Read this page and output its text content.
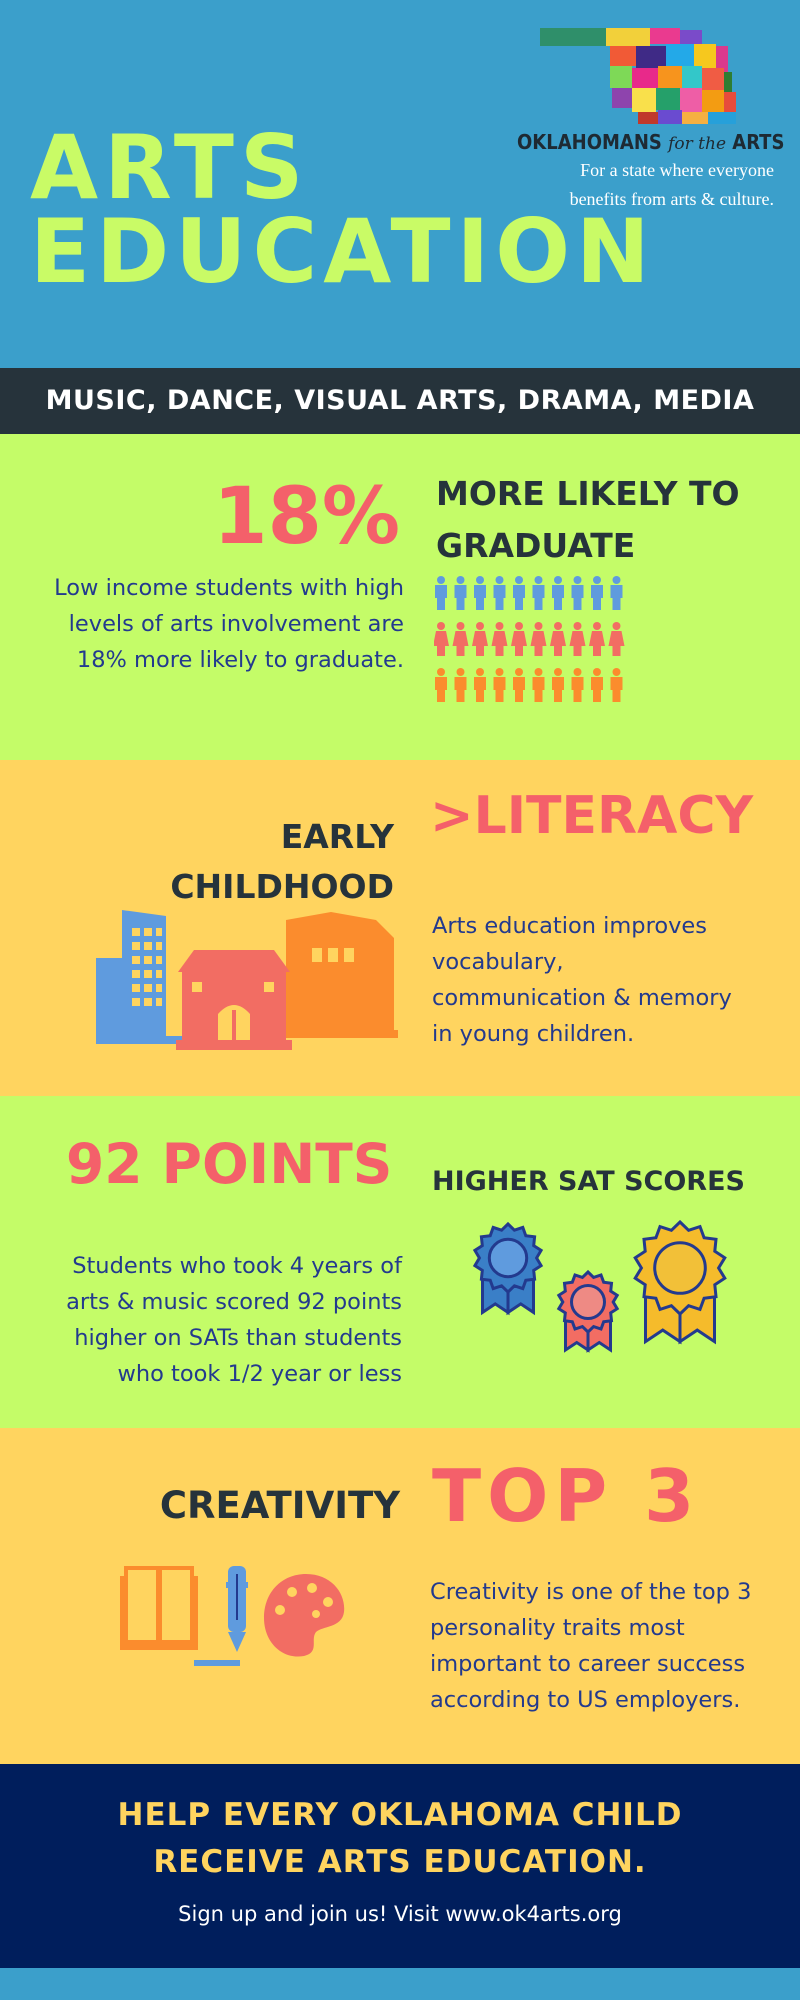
OKLAHOMANS for the ARTS
For a state where everyone
benefits from arts & culture.
ARTS
EDUCATION
MUSIC, DANCE, VISUAL ARTS, DRAMA, MEDIA
18% MORE LIKELY TO
GRADUATE
Low income students with high
levels of arts involvement are
18% more likely to graduate.
EARLY
CHILDHOOD
>LITERACY
Arts education improves
vocabulary,
communication & memory
in young children.
92 POINTS HIGHER SAT SCORES
Students who took 4 years of
arts & music scored 92 points
higher on SATs than students
who took 1/2 year or less
CREATIVITY TOP 3
Creativity is one of the top 3
personality traits most
important to career success
according to US employers.
HELP EVERY OKLAHOMA CHILD
RECEIVE ARTS EDUCATION.
Sign up and join us! Visit www.ok4arts.org
